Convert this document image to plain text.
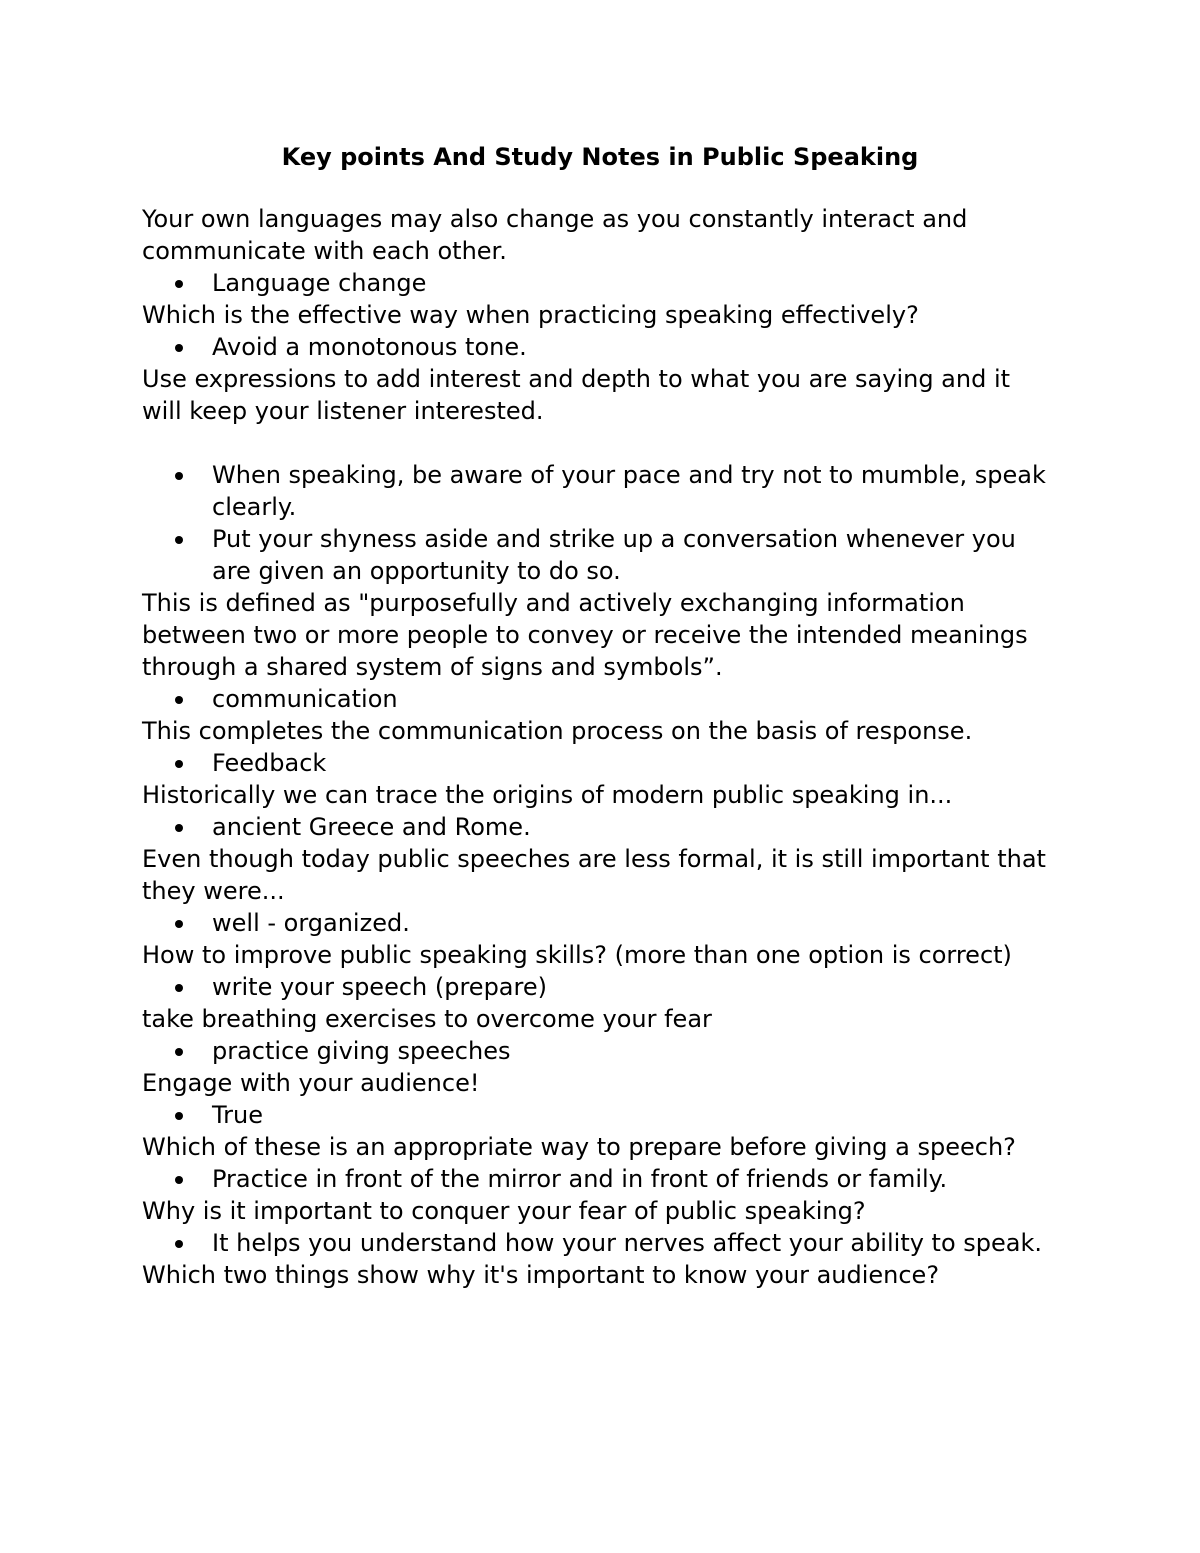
Key points And Study Notes in Public Speaking

Your own languages may also change as you constantly interact and communicate with each other.

Language change

Which is the effective way when practicing speaking effectively?

Avoid a monotonous tone.

Use expressions to add interest and depth to what you are saying and it will keep your listener interested.

When speaking, be aware of your pace and try not to mumble, speak clearly.
Put your shyness aside and strike up a conversation whenever you are given an opportunity to do so.

This is defined as "purposefully and actively exchanging information between two or more people to convey or receive the intended meanings through a shared system of signs and symbols”.

communication

This completes the communication process on the basis of response.

Feedback

Historically we can trace the origins of modern public speaking in...

ancient Greece and Rome.

Even though today public speeches are less formal, it is still important that they were...

well - organized.

How to improve public speaking skills? (more than one option is correct)

write your speech (prepare)

take breathing exercises to overcome your fear

practice giving speeches

Engage with your audience!

True

Which of these is an appropriate way to prepare before giving a speech?

Practice in front of the mirror and in front of friends or family.

Why is it important to conquer your fear of public speaking?

It helps you understand how your nerves affect your ability to speak.

Which two things show why it's important to know your audience?
